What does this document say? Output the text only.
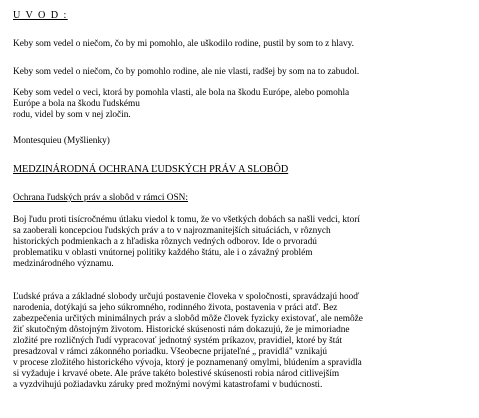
U V O D :
Keby som vedel o niečom, čo by mi pomohlo, ale uškodilo rodine, pustil by som to z hlavy.
Keby som vedel o niečom, čo by pomohlo rodine, ale nie vlasti, radšej by som na to zabudol.
Keby som vedel o veci, ktorá by pomohla vlasti, ale bola na škodu Európe, alebo pomohla
Európe a bola na škodu ľudskému
rodu, videl by som v nej zločin.
Montesquieu (Myšlienky)
MEDZINÁRODNÁ OCHRANA ĽUDSKÝCH PRÁV A SLOBÔD
Ochrana ľudských práv a slobôd v rámci OSN:
Boj ľudu proti tisícročnému útlaku viedol k tomu, že vo všetkých dobách sa našli vedci, ktorí
sa zaoberali koncepciou ľudských práv a to v najrozmanitejších situáciách, v rôznych
historických podmienkach a z hľadiska rôznych vedných odborov. Ide o prvoradú
problematiku v oblasti vnútornej politiky každého štátu, ale i o závažný problém
medzinárodného významu.
Ľudské práva a základné slobody určujú postavenie človeka v spoločnosti, spravádzajú hooď
narodenia, dotýkajú sa jeho súkromného, rodinného života, postavenia v práci atď. Bez
zabezpečenia určitých minimálnych práv a slobôd môže človek fyzicky existovať, ale nemôže
žiť skutočným dôstojným životom. Historické skúsenosti nám dokazujú, že je mimoriadne
zložité pre rozličných ľudí vypracovať jednotný systém príkazov, pravidiel, ktoré by štát
presadzoval v rámci zákonného poriadku. Všeobecne prijateľné „ pravidlá" vznikajú
v procese zložitého historického vývoja, ktorý je poznamenaný omylmi, blúdením a spravidla
si vyžaduje i krvavé obete. Ale práve takéto bolestivé skúsenosti robia národ citlivejším
a vyzdvihujú požiadavku záruky pred možnými novými katastrofami v budúcnosti.
